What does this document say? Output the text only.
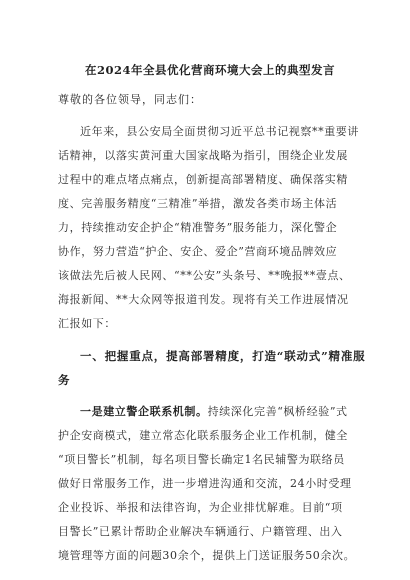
在2024年全县优化营商环境大会上的典型发言
尊敬的各位领导，同志们：
近年来，县公安局全面贯彻习近平总书记视察**重要讲
话精神，以落实黄河重大国家战略为指引，围绕企业发展
过程中的难点堵点痛点，创新提高部署精度、确保落实精
度、完善服务精度“三精准”举措，激发各类市场主体活
力，持续推动安企护企“精准警务”服务能力，深化警企
协作，努力营造“护企、安企、爱企”营商环境品牌效应
该做法先后被人民网、“**公安”头条号、**晚报**壹点、
海报新闻、**大众网等报道刊发。现将有关工作进展情况
汇报如下：
一、把握重点，提高部署精度，打造“联动式”精准服
务
一是建立警企联系机制。持续深化完善“枫桥经验”式
护企安商模式，建立常态化联系服务企业工作机制，健全
“项目警长”机制，每名项目警长确定1名民辅警为联络员
做好日常服务工作，进一步增进沟通和交流，24小时受理
企业投诉、举报和法律咨询，为企业排忧解难。目前“项
目警长”已累计帮助企业解决车辆通行、户籍管理、出入
境管理等方面的问题30余个，提供上门送证服务50余次。
